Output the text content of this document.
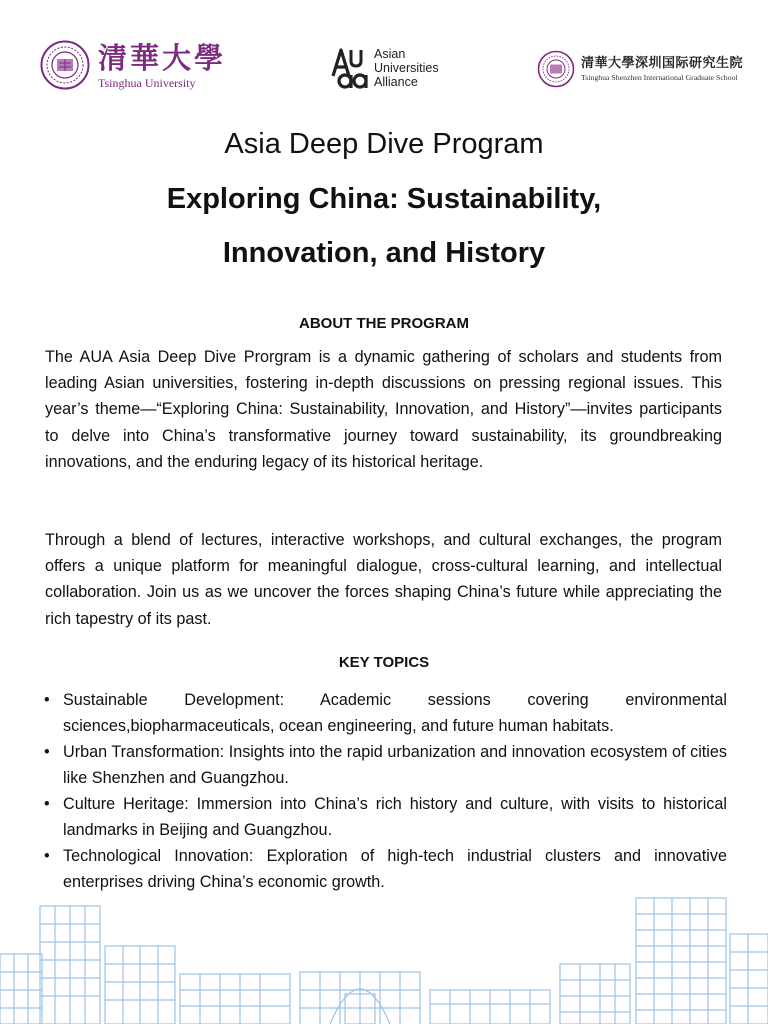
清華大學
Tsinghua University
Asian
Universities
Alliance
清華大學深圳国际研究生院
Tsinghua Shenzhen International Graduate School
Asia Deep Dive Program
Exploring China: Sustainability,
Innovation, and History
ABOUT THE PROGRAM

The AUA Asia Deep Dive Prorgram is a dynamic gathering of scholars and students from leading Asian universities, fostering in-depth discussions on pressing regional issues. This year’s theme—“Exploring China: Sustainability, Innovation, and History”—invites participants to delve into China’s transformative journey toward sustainability, its groundbreaking innovations, and the enduring legacy of its historical heritage.

Through a blend of lectures, interactive workshops, and cultural exchanges, the program offers a unique platform for meaningful dialogue, cross-cultural learning, and intellectual collaboration. Join us as we uncover the forces shaping China’s future while appreciating the rich tapestry of its past.

KEY TOPICS
• Sustainable Development: Academic sessions covering environmental sciences,biopharmaceuticals, ocean engineering, and future human habitats.
• Urban Transformation: Insights into the rapid urbanization and innovation ecosystem of cities like Shenzhen and Guangzhou.
• Culture Heritage: Immersion into China’s rich history and culture, with visits to historical landmarks in Beijing and Guangzhou.
• Technological Innovation: Exploration of high-tech industrial clusters and innovative enterprises driving China’s economic growth.
